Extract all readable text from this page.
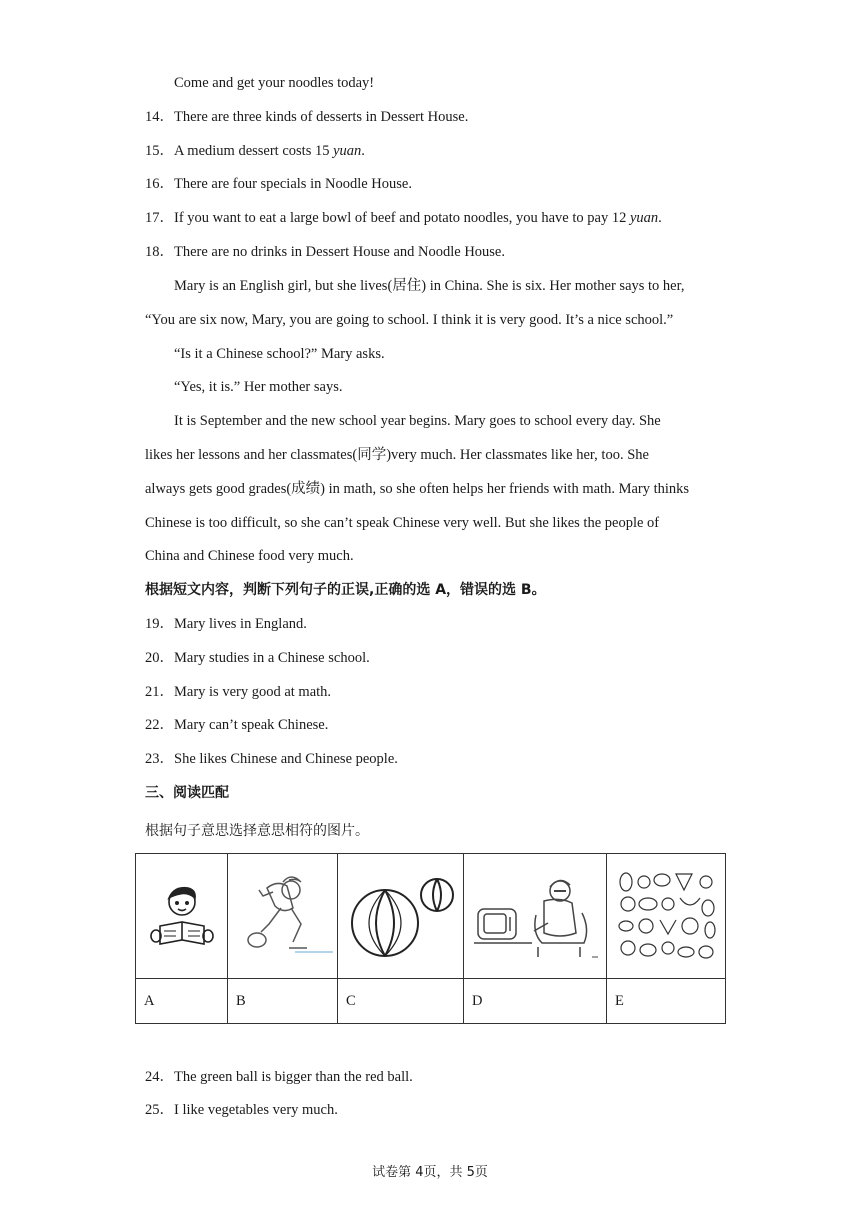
Come and get your noodles today!
14．There are three kinds of desserts in Dessert House.
15．A medium dessert costs 15 yuan.
16．There are four specials in Noodle House.
17．If you want to eat a large bowl of beef and potato noodles, you have to pay 12 yuan.
18．There are no drinks in Dessert House and Noodle House.
Mary is an English girl, but she lives(居住) in China. She is six. Her mother says to her,
“You are six now, Mary, you are going to school. I think it is very good. It’s a nice school.”
“Is it a Chinese school?” Mary asks.
“Yes, it is.” Her mother says.
It is September and the new school year begins. Mary goes to school every day. She
likes her lessons and her classmates(同学)very much. Her classmates like her, too. She
always gets good grades(成绩) in math, so she often helps her friends with math. Mary thinks
Chinese is too difficult, so she can’t speak Chinese very well. But she likes the people of
China and Chinese food very much.
根据短文内容，判断下列句子的正误,正确的选 A，错误的选 B。
19．Mary lives in England.
20．Mary studies in a Chinese school.
21．Mary is very good at math.
22．Mary can’t speak Chinese.
23．She likes Chinese and Chinese people.
三、阅读匹配
根据句子意思选择意思相符的图片。

A	B	C	D	E
24．The green ball is bigger than the red ball.
25．I like vegetables very much.
试卷第 4页，共 5页
